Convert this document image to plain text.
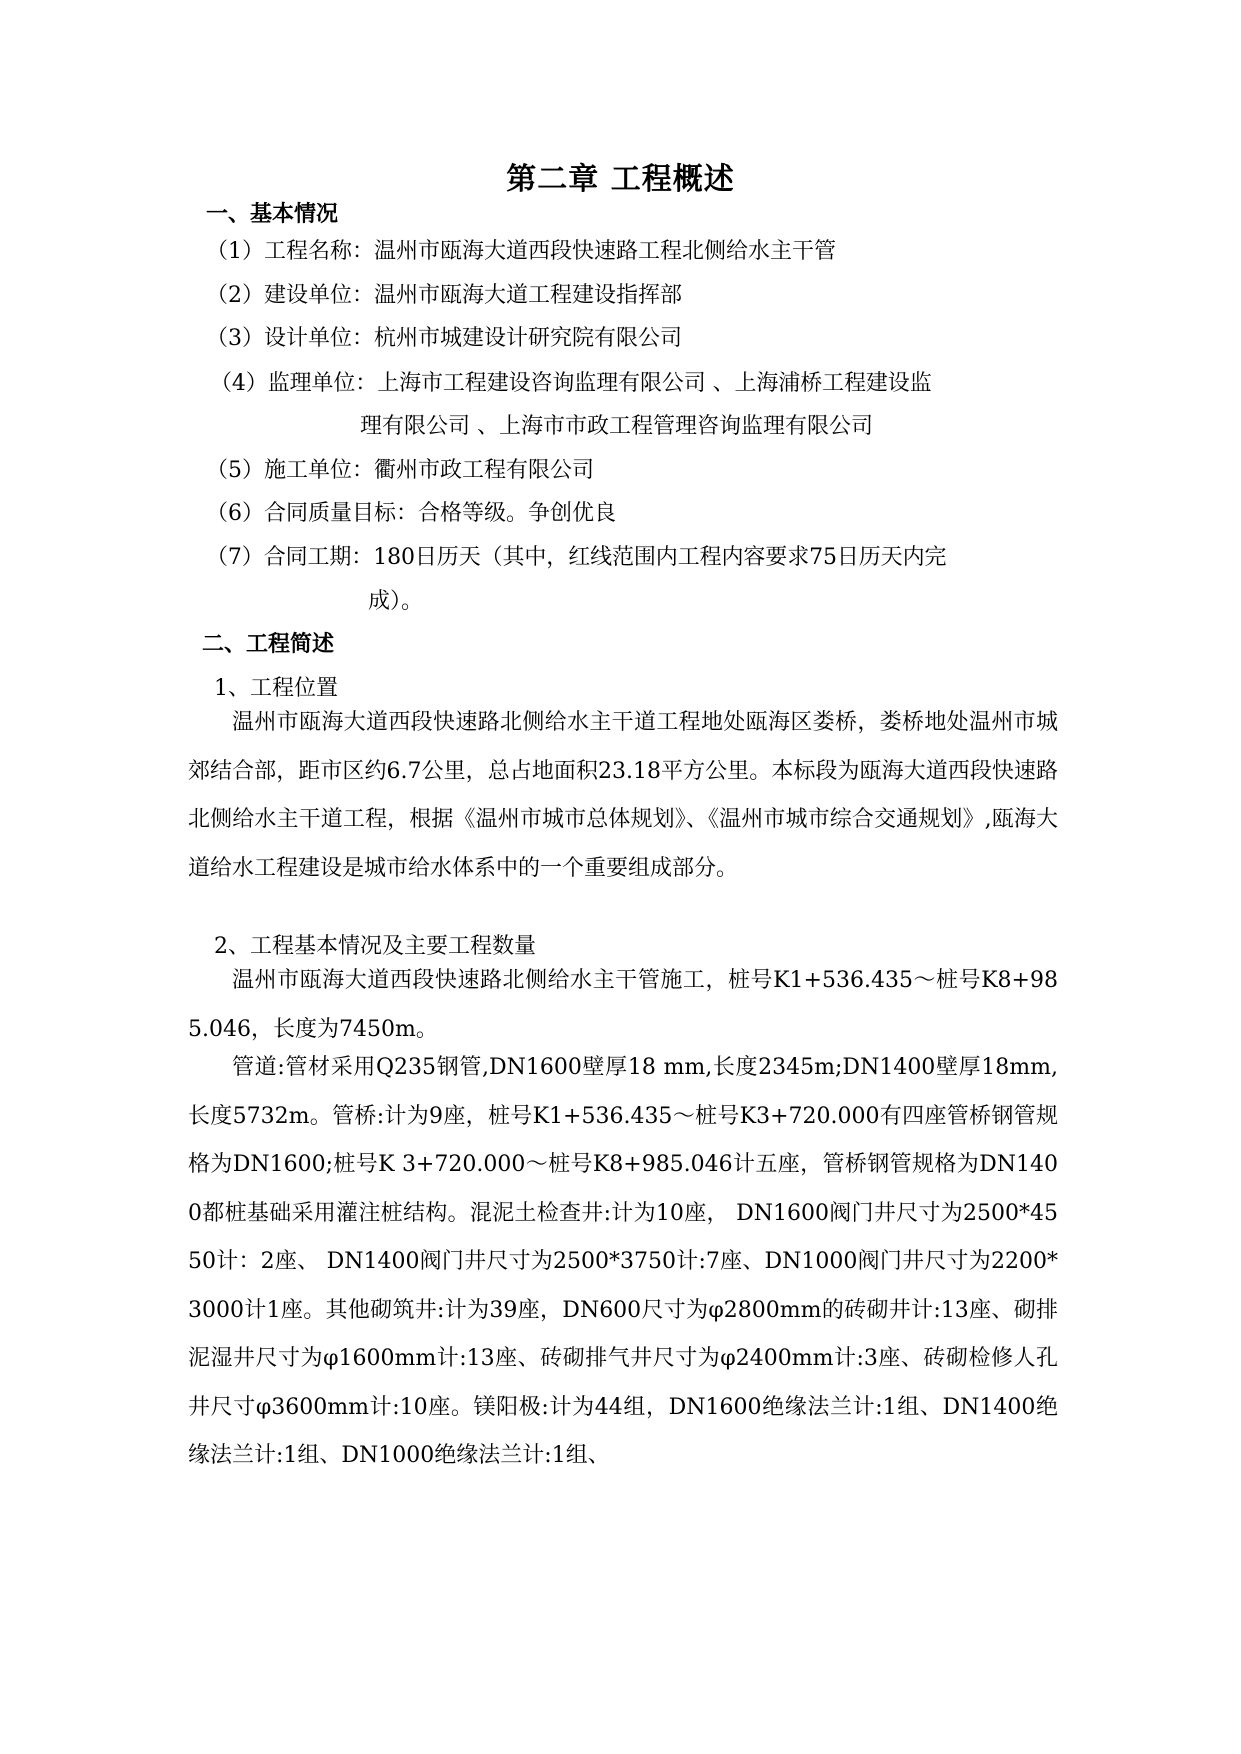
第二章 工程概述
一、基本情况
（1）工程名称：温州市瓯海大道西段快速路工程北侧给水主干管
（2）建设单位：温州市瓯海大道工程建设指挥部
（3）设计单位：杭州市城建设计研究院有限公司
（4）监理单位：上海市工程建设咨询监理有限公司 、上海浦桥工程建设监
理有限公司 、上海市市政工程管理咨询监理有限公司
（5）施工单位：衢州市政工程有限公司
（6）合同质量目标：合格等级。争创优良
（7）合同工期：180日历天（其中，红线范围内工程内容要求75日历天内完
成）。
二、工程简述
1、工程位置
温州市瓯海大道西段快速路北侧给水主干道工程地处瓯海区娄桥，娄桥地处温州市城郊结合部，距市区约6.7公里，总占地面积23.18平方公里。本标段为瓯海大道西段快速路北侧给水主干道工程，根据《温州市城市总体规划》、《温州市城市综合交通规划》,瓯海大道给水工程建设是城市给水体系中的一个重要组成部分。
2、工程基本情况及主要工程数量
温州市瓯海大道西段快速路北侧给水主干管施工，桩号K1+536.435～桩号K8+985.046，长度为7450m。
管道:管材采用Q235钢管,DN1600壁厚18 mm,长度2345m;DN1400壁厚18mm,长度5732m。管桥:计为9座，桩号K1+536.435～桩号K3+720.000有四座管桥钢管规格为DN1600;桩号K 3+720.000～桩号K8+985.046计五座，管桥钢管规格为DN1400都桩基础采用灌注桩结构。混泥土检查井:计为10座， DN1600阀门井尺寸为2500*4550计：2座、 DN1400阀门井尺寸为2500*3750计:7座、DN1000阀门井尺寸为2200*3000计1座。其他砌筑井:计为39座，DN600尺寸为φ2800mm的砖砌井计:13座、砌排泥湿井尺寸为φ1600mm计:13座、砖砌排气井尺寸为φ2400mm计:3座、砖砌检修人孔井尺寸φ3600mm计:10座。镁阳极:计为44组，DN1600绝缘法兰计:1组、DN1400绝缘法兰计:1组、DN1000绝缘法兰计:1组、
